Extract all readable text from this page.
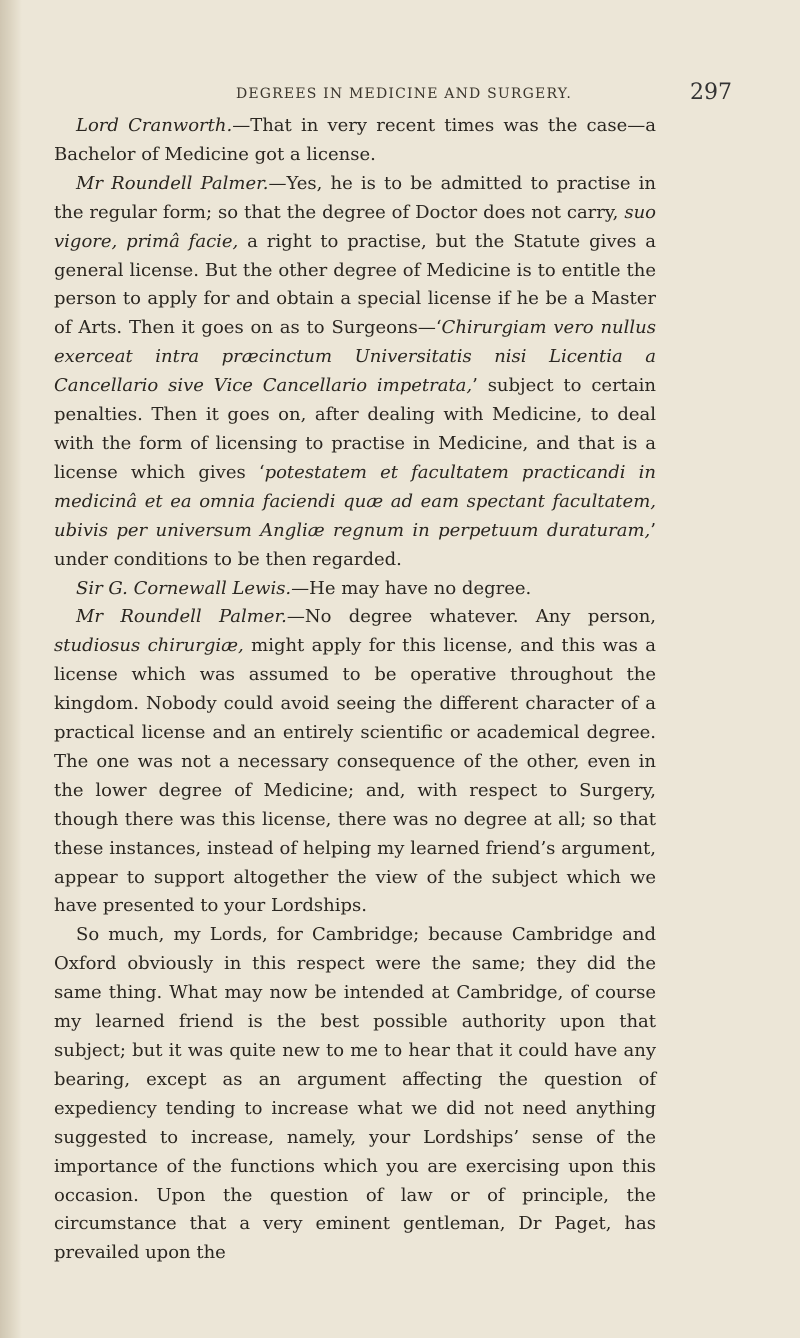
DEGREES IN MEDICINE AND SURGERY.	297

Lord Cranworth.—That in very recent times was the case—a Bachelor of Medicine got a license.

Mr Roundell Palmer.—Yes, he is to be admitted to practise in the regular form; so that the degree of Doctor does not carry, suo vigore, primâ facie, a right to practise, but the Statute gives a general license. But the other degree of Medicine is to entitle the person to apply for and obtain a special license if he be a Master of Arts. Then it goes on as to Surgeons—‘Chirurgiam vero nullus exerceat intra præcinctum Universitatis nisi Licentia a Cancellario sive Vice Cancellario impetrata,’ subject to certain penalties. Then it goes on, after dealing with Medicine, to deal with the form of licensing to practise in Medicine, and that is a license which gives ‘potestatem et facultatem practicandi in medicinâ et ea omnia faciendi quæ ad eam spectant facultatem, ubivis per universum Angliæ regnum in perpetuum duraturam,’ under conditions to be then regarded.

Sir G. Cornewall Lewis.—He may have no degree.

Mr Roundell Palmer.—No degree whatever. Any person, studiosus chirurgiæ, might apply for this license, and this was a license which was assumed to be operative throughout the kingdom. Nobody could avoid seeing the different character of a practical license and an entirely scientific or academical degree. The one was not a necessary consequence of the other, even in the lower degree of Medicine; and, with respect to Surgery, though there was this license, there was no degree at all; so that these instances, instead of helping my learned friend’s argument, appear to support altogether the view of the subject which we have presented to your Lordships.

So much, my Lords, for Cambridge; because Cambridge and Oxford obviously in this respect were the same; they did the same thing. What may now be intended at Cambridge, of course my learned friend is the best possible authority upon that subject; but it was quite new to me to hear that it could have any bearing, except as an argument affecting the question of expediency tending to increase what we did not need anything suggested to increase, namely, your Lordships’ sense of the importance of the functions which you are exercising upon this occasion. Upon the question of law or of principle, the circumstance that a very eminent gentleman, Dr Paget, has prevailed upon the
